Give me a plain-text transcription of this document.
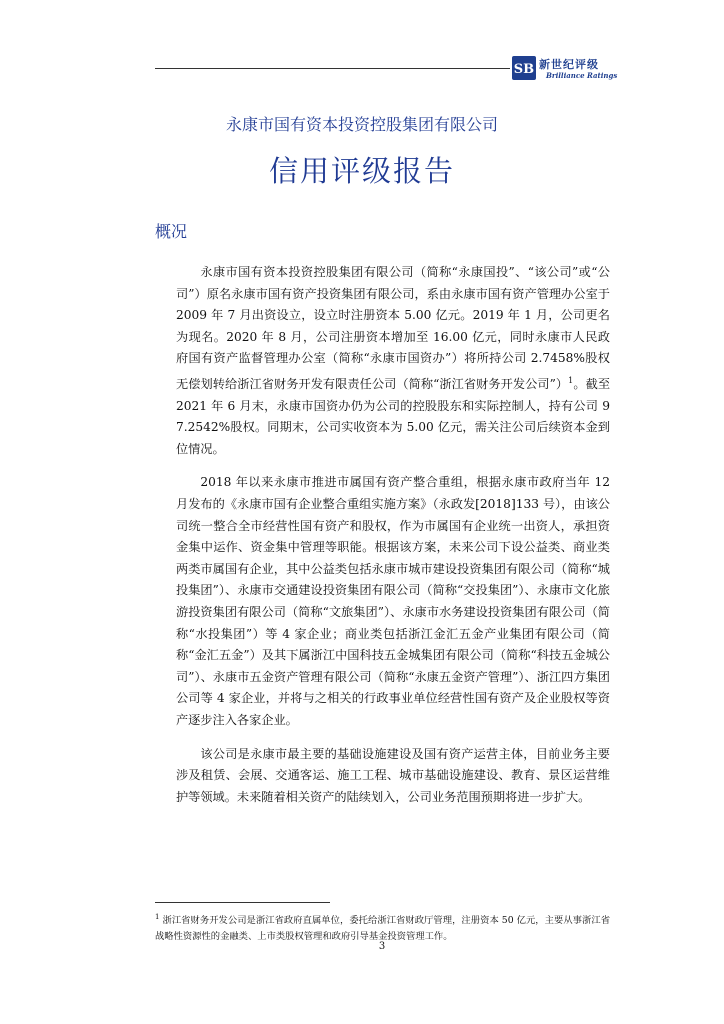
SB 新世纪评级
Brilliance Ratings
永康市国有资本投资控股集团有限公司
信用评级报告
概况

永康市国有资本投资控股集团有限公司（简称“永康国投”、“该公司”或“公司”）原名永康市国有资产投资集团有限公司，系由永康市国有资产管理办公室于 2009 年 7 月出资设立，设立时注册资本 5.00 亿元。2019 年 1 月，公司更名为现名。2020 年 8 月，公司注册资本增加至 16.00 亿元，同时永康市人民政府国有资产监督管理办公室（简称“永康市国资办”）将所持公司 2.7458%股权无偿划转给浙江省财务开发有限责任公司（简称“浙江省财务开发公司”）$^1$。截至 2021 年 6 月末，永康市国资办仍为公司的控股股东和实际控制人，持有公司 97.2542%股权。同期末，公司实收资本为 5.00 亿元，需关注公司后续资本金到位情况。

2018 年以来永康市推进市属国有资产整合重组，根据永康市政府当年 12 月发布的《永康市国有企业整合重组实施方案》（永政发[2018]133 号），由该公司统一整合全市经营性国有资产和股权，作为市属国有企业统一出资人，承担资金集中运作、资金集中管理等职能。根据该方案，未来公司下设公益类、商业类两类市属国有企业，其中公益类包括永康市城市建设投资集团有限公司（简称“城投集团”）、永康市交通建设投资集团有限公司（简称“交投集团”）、永康市文化旅游投资集团有限公司（简称“文旅集团”）、永康市水务建设投资集团有限公司（简称“水投集团”）等 4 家企业；商业类包括浙江金汇五金产业集团有限公司（简称“金汇五金”）及其下属浙江中国科技五金城集团有限公司（简称“科技五金城公司”）、永康市五金资产管理有限公司（简称“永康五金资产管理”）、浙江四方集团公司等 4 家企业，并将与之相关的行政事业单位经营性国有资产及企业股权等资产逐步注入各家企业。

该公司是永康市最主要的基础设施建设及国有资产运营主体，目前业务主要涉及租赁、会展、交通客运、施工工程、城市基础设施建设、教育、景区运营维护等领域。未来随着相关资产的陆续划入，公司业务范围预期将进一步扩大。

$^1$ 浙江省财务开发公司是浙江省政府直属单位，委托给浙江省财政厅管理，注册资本 50 亿元，主要从事浙江省战略性资源性的金融类、上市类股权管理和政府引导基金投资管理工作。
3
